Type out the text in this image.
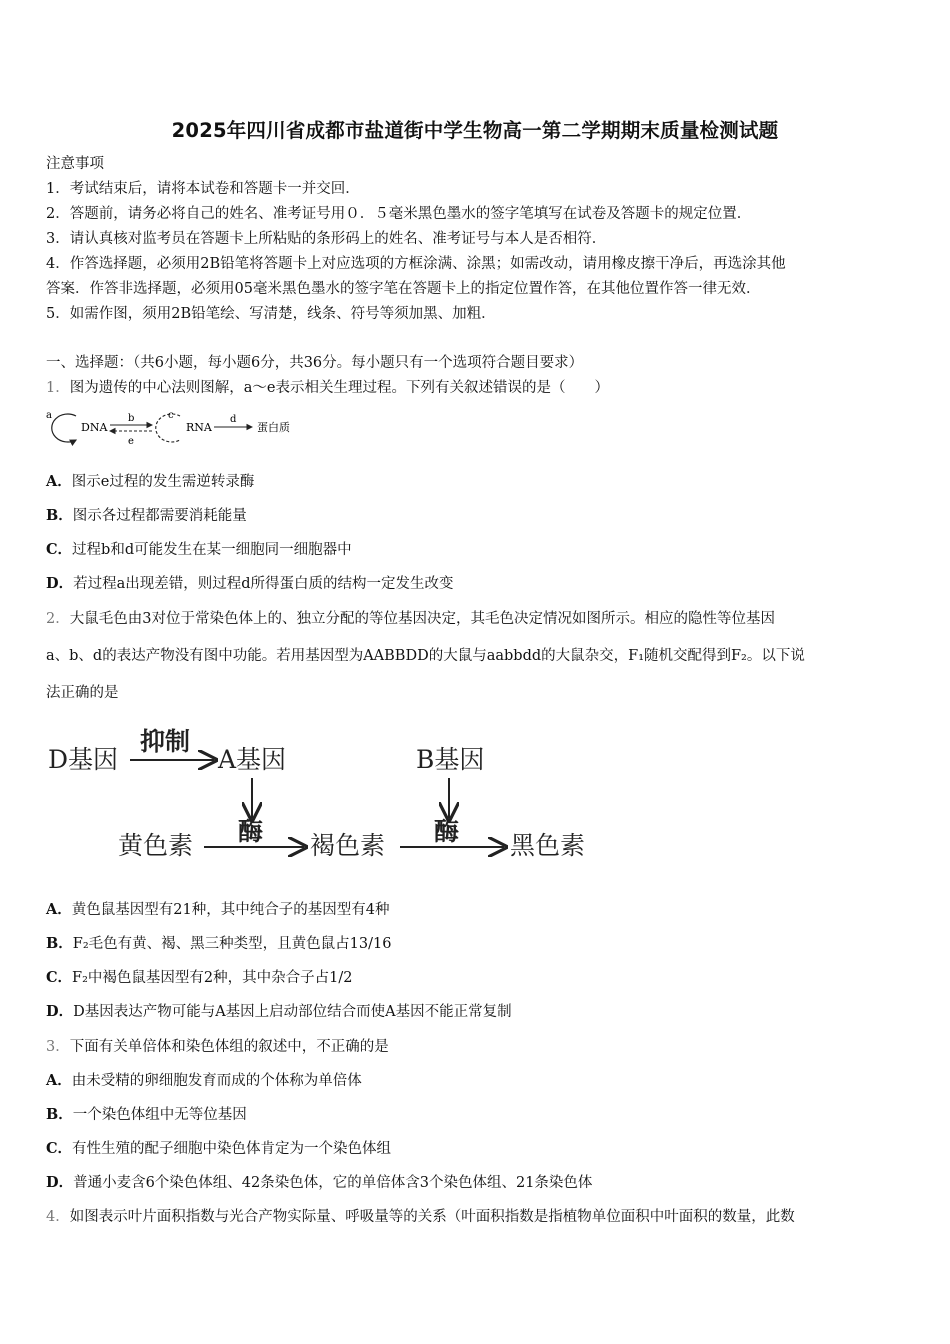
2025年四川省成都市盐道街中学生物高一第二学期期末质量检测试题
注意事项
1．考试结束后，请将本试卷和答题卡一并交回．
2．答题前，请务必将自己的姓名、准考证号用０．５毫米黑色墨水的签字笔填写在试卷及答题卡的规定位置．
3．请认真核对监考员在答题卡上所粘贴的条形码上的姓名、准考证号与本人是否相符．
4．作答选择题，必须用2B铅笔将答题卡上对应选项的方框涂满、涂黑；如需改动，请用橡皮擦干净后，再选涂其他
答案．作答非选择题，必须用05毫米黑色墨水的签字笔在答题卡上的指定位置作答，在其他位置作答一律无效．
5．如需作图，须用2B铅笔绘、写清楚，线条、符号等须加黑、加粗．
一、选择题：（共6小题，每小题6分，共36分。每小题只有一个选项符合题目要求）
1．图为遗传的中心法则图解，a～e表示相关生理过程。下列有关叙述错误的是（　　）
a
DNA
b
e
c
RNA
d
蛋白质
A．图示e过程的发生需逆转录酶
B．图示各过程都需要消耗能量
C．过程b和d可能发生在某一细胞同一细胞器中
D．若过程a出现差错，则过程d所得蛋白质的结构一定发生改变
2．大鼠毛色由3对位于常染色体上的、独立分配的等位基因决定，其毛色决定情况如图所示。相应的隐性等位基因
a、b、d的表达产物没有图中功能。若用基因型为AABBDD的大鼠与aabbdd的大鼠杂交，F₁随机交配得到F₂。以下说
法正确的是
D基因
抑制
A基因	B基因
黄色素 酶 褐色素 酶 黑色素
A．黄色鼠基因型有21种，其中纯合子的基因型有4种
B．F₂毛色有黄、褐、黑三种类型，且黄色鼠占13/16
C．F₂中褐色鼠基因型有2种，其中杂合子占1/2
D．D基因表达产物可能与A基因上启动部位结合而使A基因不能正常复制
3．下面有关单倍体和染色体组的叙述中，不正确的是
A．由未受精的卵细胞发育而成的个体称为单倍体
B．一个染色体组中无等位基因
C．有性生殖的配子细胞中染色体肯定为一个染色体组
D．普通小麦含6个染色体组、42条染色体，它的单倍体含3个染色体组、21条染色体
4．如图表示叶片面积指数与光合产物实际量、呼吸量等的关系（叶面积指数是指植物单位面积中叶面积的数量，此数
